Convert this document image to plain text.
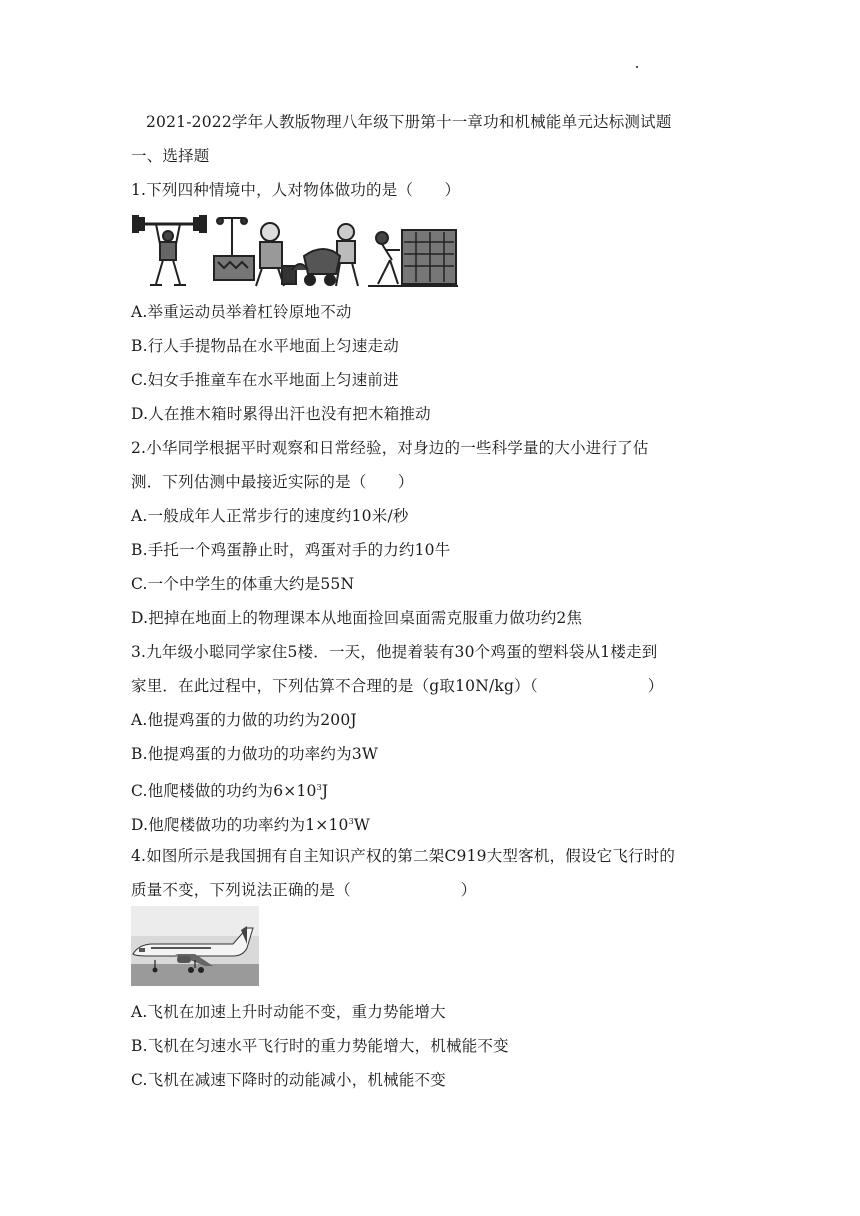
2021-2022学年人教版物理八年级下册第十一章功和机械能单元达标测试题

一、选择题

1.下列四种情境中，人对物体做功的是（　　）

A.举重运动员举着杠铃原地不动

B.行人手提物品在水平地面上匀速走动

C.妇女手推童车在水平地面上匀速前进

D.人在推木箱时累得出汗也没有把木箱推动

2.小华同学根据平时观察和日常经验，对身边的一些科学量的大小进行了估

测．下列估测中最接近实际的是（　　）

A.一般成年人正常步行的速度约10米/秒

B.手托一个鸡蛋静止时，鸡蛋对手的力约10牛

C.一个中学生的体重大约是55N

D.把掉在地面上的物理课本从地面捡回桌面需克服重力做功约2焦

3.九年级小聪同学家住5楼．一天，他提着装有30个鸡蛋的塑料袋从1楼走到

家里．在此过程中，下列估算不合理的是（g取10N/kg）（　　　　　　　）

A.他提鸡蛋的力做的功约为200J

B.他提鸡蛋的力做功的功率约为3W

C.他爬楼做的功约为$6\times 10^3J$

D.他爬楼做功的功率约为$1\times 10^3W$

4.如图所示是我国拥有自主知识产权的第二架C919大型客机，假设它飞行时的

质量不变，下列说法正确的是（　　　　　　　）

A.飞机在加速上升时动能不变，重力势能增大

B.飞机在匀速水平飞行时的重力势能增大，机械能不变

C.飞机在减速下降时的动能减小，机械能不变
